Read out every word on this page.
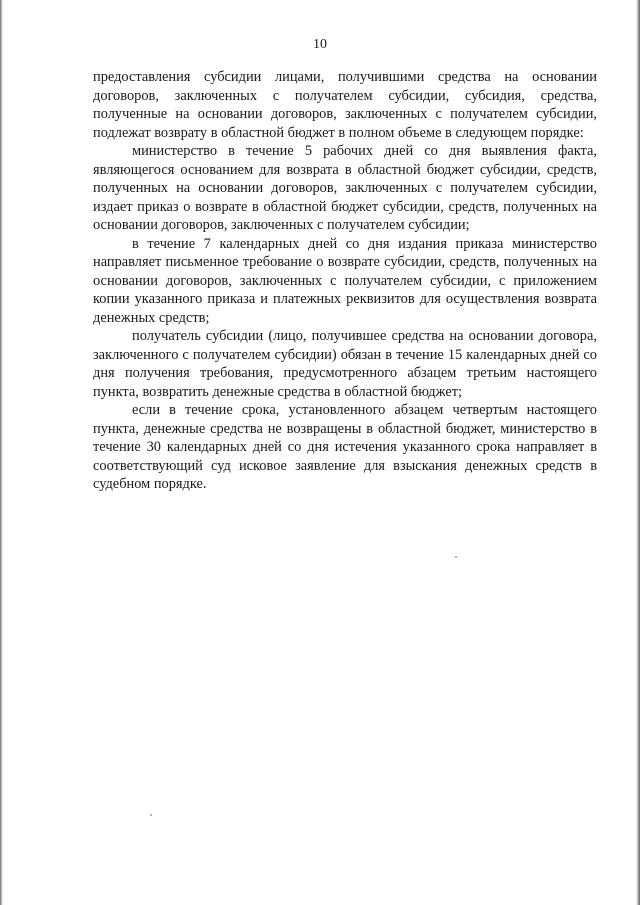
10

предоставления субсидии лицами, получившими средства на основании договоров, заключенных с получателем субсидии, субсидия, средства, полученные на основании договоров, заключенных с получателем субсидии, подлежат возврату в областной бюджет в полном объеме в следующем порядке:

министерство в течение 5 рабочих дней со дня выявления факта, являющегося основанием для возврата в областной бюджет субсидии, средств, полученных на основании договоров, заключенных с получателем субсидии, издает приказ о возврате в областной бюджет субсидии, средств, полученных на основании договоров, заключенных с получателем субсидии;

в течение 7 календарных дней со дня издания приказа министерство направляет письменное требование о возврате субсидии, средств, полученных на основании договоров, заключенных с получателем субсидии, с приложением копии указанного приказа и платежных реквизитов для осуществления возврата денежных средств;

получатель субсидии (лицо, получившее средства на основании договора, заключенного с получателем субсидии) обязан в течение 15 календарных дней со дня получения требования, предусмотренного абзацем третьим настоящего пункта, возвратить денежные средства в областной бюджет;

если в течение срока, установленного абзацем четвертым настоящего пункта, денежные средства не возвращены в областной бюджет, министерство в течение 30 календарных дней со дня истечения указанного срока направляет в соответствующий суд исковое заявление для взыскания денежных средств в судебном порядке.
